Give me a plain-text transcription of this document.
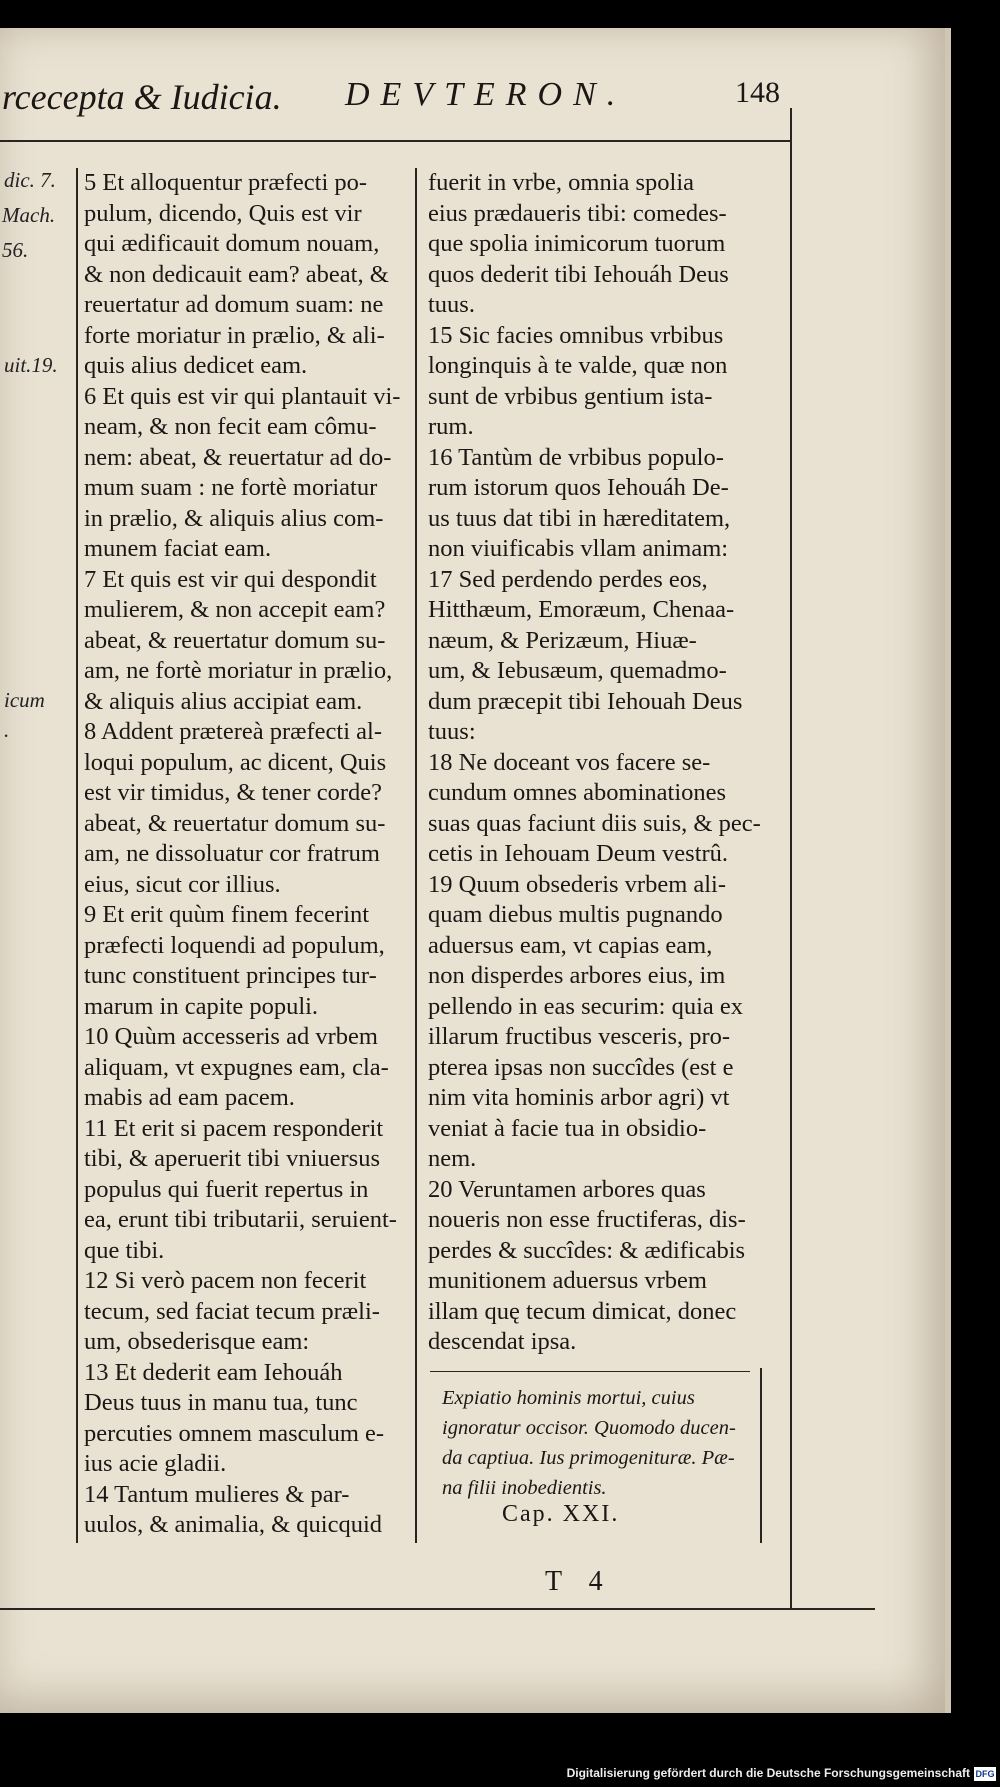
rcecepta & Iudicia. DEVTERON.	148
dic. 7.
Mach.
56.
uit.19.
icum
.

5 Et alloquentur præfecti po-

pulum, dicendo, Quis est vir

qui ædificauit domum nouam,

& non dedicauit eam? abeat, &

reuertatur ad domum suam: ne

forte moriatur in prælio, & ali-

quis alius dedicet eam.

6 Et quis est vir qui plantauit vi-

neam, & non fecit eam cômu-

nem: abeat, & reuertatur ad do-

mum suam : ne fortè moriatur

in prælio, & aliquis alius com-

munem faciat eam.

7 Et quis est vir qui despondit

mulierem, & non accepit eam?

abeat, & reuertatur domum su-

am, ne fortè moriatur in prælio,

& aliquis alius accipiat eam.

8 Addent prætereà præfecti al-

loqui populum, ac dicent, Quis

est vir timidus, & tener corde?

abeat, & reuertatur domum su-

am, ne dissoluatur cor fratrum

eius, sicut cor illius.

9 Et erit quùm finem fecerint

præfecti loquendi ad populum,

tunc constituent principes tur-

marum in capite populi.

10 Quùm accesseris ad vrbem

aliquam, vt expugnes eam, cla-

mabis ad eam pacem.

11 Et erit si pacem responderit

tibi, & aperuerit tibi vniuersus

populus qui fuerit repertus in

ea, erunt tibi tributarii, seruient-

que tibi.

12 Si verò pacem non fecerit

tecum, sed faciat tecum præli-

um, obsederisque eam:

13 Et dederit eam Iehouáh

Deus tuus in manu tua, tunc

percuties omnem masculum e-

ius acie gladii.

14 Tantum mulieres & par-

uulos, & animalia, & quicquid

fuerit in vrbe, omnia spolia

eius prædaueris tibi: comedes-

que spolia inimicorum tuorum

quos dederit tibi Iehouáh Deus

tuus.

15 Sic facies omnibus vrbibus

longinquis à te valde, quæ non

sunt de vrbibus gentium ista-

rum.

16 Tantùm de vrbibus populo-

rum istorum quos Iehouáh De-

us tuus dat tibi in hæreditatem,

non viuificabis vllam animam:

17 Sed perdendo perdes eos,

Hitthæum, Emoræum, Chenaa-

næum, & Perizæum, Hiuæ-

um, & Iebusæum, quemadmo-

dum præcepit tibi Iehouah Deus

tuus:

18 Ne doceant vos facere se-

cundum omnes abominationes

suas quas faciunt diis suis, & pec-

cetis in Iehouam Deum vestrû.

19 Quum obsederis vrbem ali-

quam diebus multis pugnando

aduersus eam, vt capias eam,

non disperdes arbores eius, im

pellendo in eas securim: quia ex

illarum fructibus vesceris, pro-

pterea ipsas non succîdes (est e

nim vita hominis arbor agri) vt

veniat à facie tua in obsidio-

nem.

20 Veruntamen arbores quas

noueris non esse fructiferas, dis-

perdes & succîdes: & ædificabis

munitionem aduersus vrbem

illam quę tecum dimicat, donec

descendat ipsa.

Expiatio hominis mortui, cuius

ignoratur occisor. Quomodo ducen-

da captiua. Ius primogenituræ. Pæ-

na filii inobedientis.

Cap. XXI.
T 4
Digitalisierung gefördert durch die Deutsche Forschungsgemeinschaft DFG
